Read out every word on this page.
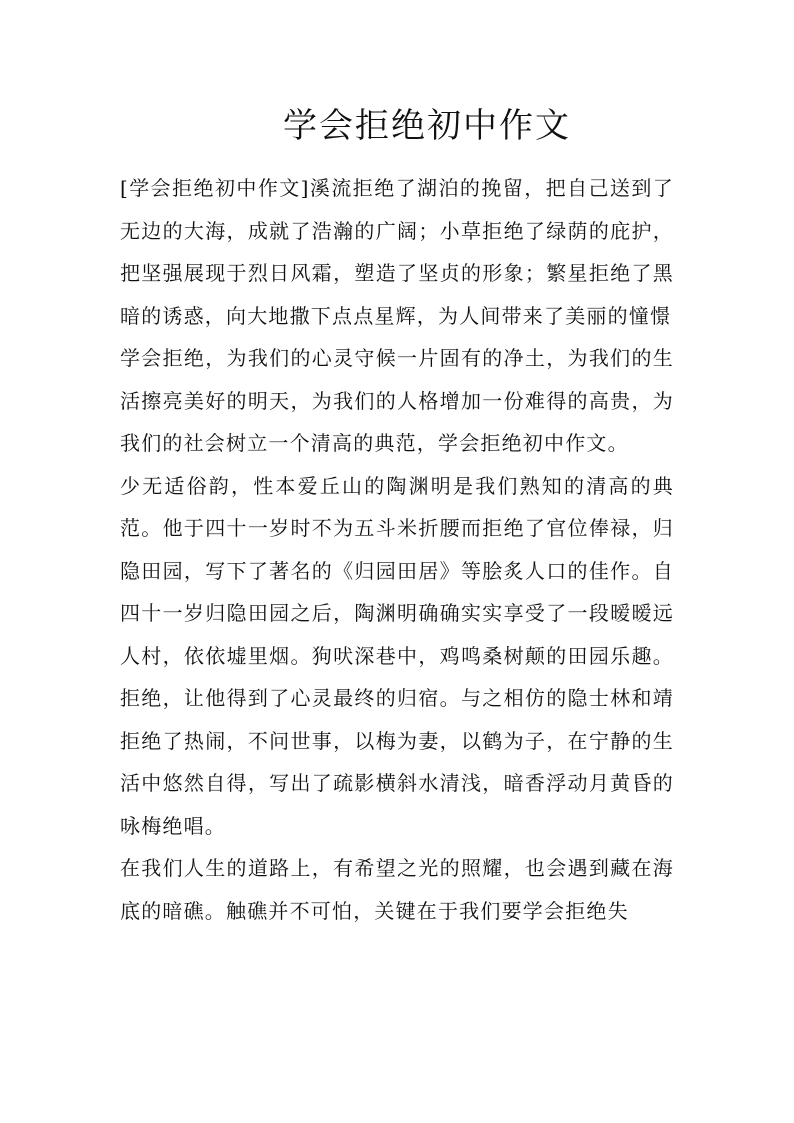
学会拒绝初中作文

[学会拒绝初中作文]溪流拒绝了湖泊的挽留，把自己送到了无边的大海，成就了浩瀚的广阔；小草拒绝了绿荫的庇护，把坚强展现于烈日风霜，塑造了坚贞的形象；繁星拒绝了黑暗的诱惑，向大地撒下点点星辉，为人间带来了美丽的憧憬

学会拒绝，为我们的心灵守候一片固有的净土，为我们的生活擦亮美好的明天，为我们的人格增加一份难得的高贵，为我们的社会树立一个清高的典范，学会拒绝初中作文。

少无适俗韵，性本爱丘山的陶渊明是我们熟知的清高的典范。他于四十一岁时不为五斗米折腰而拒绝了官位俸禄，归隐田园，写下了著名的《归园田居》等脍炙人口的佳作。自四十一岁归隐田园之后，陶渊明确确实实享受了一段暧暧远人村，依依墟里烟。狗吠深巷中，鸡鸣桑树颠的田园乐趣。拒绝，让他得到了心灵最终的归宿。与之相仿的隐士林和靖拒绝了热闹，不问世事，以梅为妻，以鹤为子，在宁静的生活中悠然自得，写出了疏影横斜水清浅，暗香浮动月黄昏的咏梅绝唱。

在我们人生的道路上，有希望之光的照耀，也会遇到藏在海底的暗礁。触礁并不可怕，关键在于我们要学会拒绝失
